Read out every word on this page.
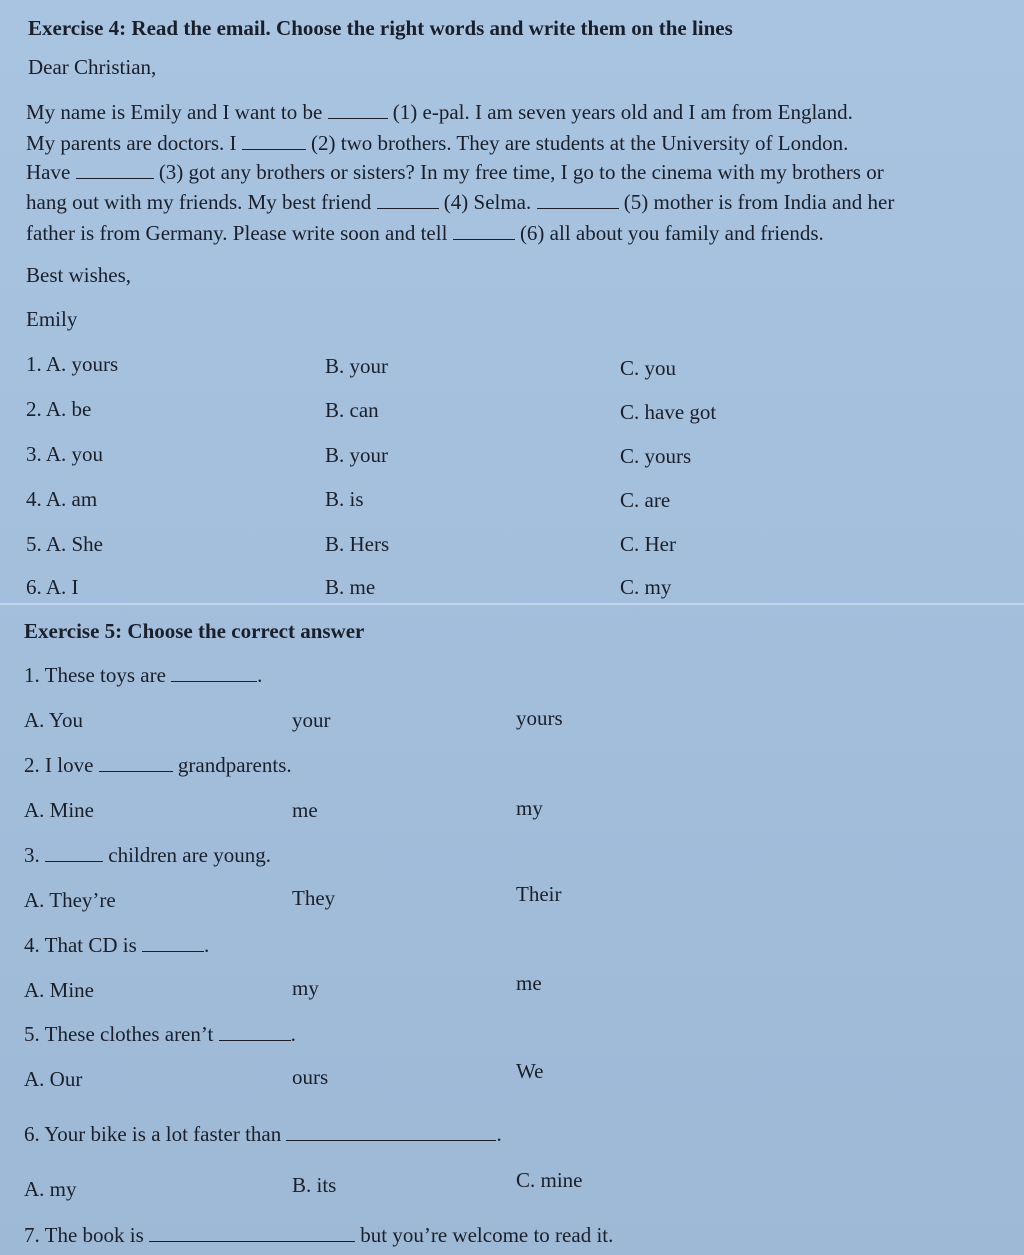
Exercise 4: Read the email. Choose the right words and write them on the lines
Dear Christian,
My name is Emily and I want to be	(1) e-pal. I am seven years old and I am from England.
My parents are doctors. I	(2) two brothers. They are students at the University of London.
Have	(3) got any brothers or sisters? In my free time, I go to the cinema with my brothers or
hang out with my friends. My best friend	(4) Selma.	(5) mother is from India and her
father is from Germany. Please write soon and tell	(6) all about you family and friends.
Best wishes,
Emily
1. A. yours	B. your	C. you
2. A. be	B. can	C. have got
3. A. you	B. your	C. yours
4. A. am	B. is	C. are
5. A. She	B. Hers	C. Her
6. A. I	B. me	C. my
Exercise 5: Choose the correct answer
1. These toys are	.
A. You	your	yours
2. I love	grandparents.
A. Mine	me	my
3.	children are young.
A. They’re	They	Their
4. That CD is	.
A. Mine	my	me
5. These clothes aren’t	.
A. Our	ours	We
6. Your bike is a lot faster than	.
A. my	B. its	C. mine
7. The book is	but you’re welcome to read it.
